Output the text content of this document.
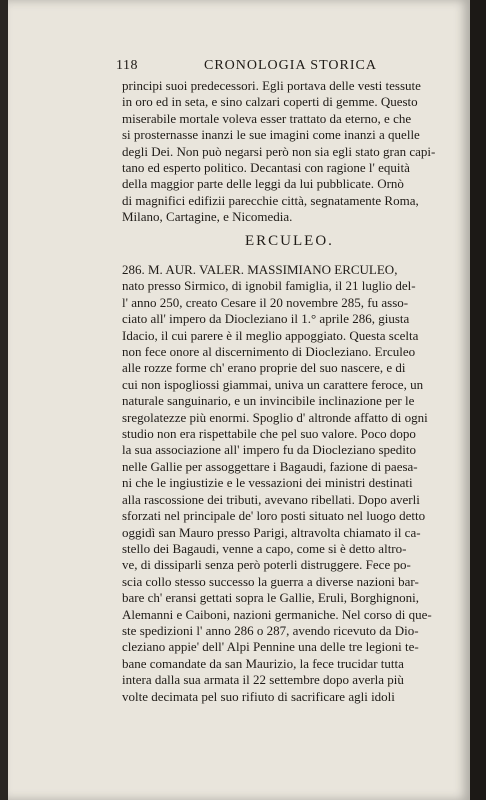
118	CRONOLOGIA STORICA
principi suoi predecessori. Egli portava delle vesti tessute
in oro ed in seta, e sino calzari coperti di gemme. Questo
miserabile mortale voleva esser trattato da eterno, e che
si prosternasse inanzi le sue imagini come inanzi a quelle
degli Dei. Non può negarsi però non sia egli stato gran capi-
tano ed esperto politico. Decantasi con ragione l' equità
della maggior parte delle leggi da lui pubblicate. Ornò
di magnifici edifizii parecchie città, segnatamente Roma,
Milano, Cartagine, e Nicomedia.
ERCULEO.
286. M. AUR. VALER. MASSIMIANO ERCULEO,
nato presso Sirmico, di ignobil famiglia, il 21 luglio del-
l' anno 250, creato Cesare il 20 novembre 285, fu asso-
ciato all' impero da Diocleziano il 1.° aprile 286, giusta
Idacio, il cui parere è il meglio appoggiato. Questa scelta
non fece onore al discernimento di Diocleziano. Erculeo
alle rozze forme ch' erano proprie del suo nascere, e di
cui non ispogliossi giammai, univa un carattere feroce, un
naturale sanguinario, e un invincibile inclinazione per le
sregolatezze più enormi. Spoglio d' altronde affatto di ogni
studio non era rispettabile che pel suo valore. Poco dopo
la sua associazione all' impero fu da Diocleziano spedito
nelle Gallie per assoggettare i Bagaudi, fazione di paesa-
ni che le ingiustizie e le vessazioni dei ministri destinati
alla rascossione dei tributi, avevano ribellati. Dopo averli
sforzati nel principale de' loro posti situato nel luogo detto
oggidì san Mauro presso Parigi, altravolta chiamato il ca-
stello dei Bagaudi, venne a capo, come si è detto altro-
ve, di dissiparli senza però poterli distruggere. Fece po-
scia collo stesso successo la guerra a diverse nazioni bar-
bare ch' eransi gettati sopra le Gallie, Eruli, Borghignoni,
Alemanni e Caiboni, nazioni germaniche. Nel corso di que-
ste spedizioni l' anno 286 o 287, avendo ricevuto da Dio-
cleziano appie' dell' Alpi Pennine una delle tre legioni te-
bane comandate da san Maurizio, la fece trucidar tutta
intera dalla sua armata il 22 settembre dopo averla più
volte decimata pel suo rifiuto di sacrificare agli idoli
